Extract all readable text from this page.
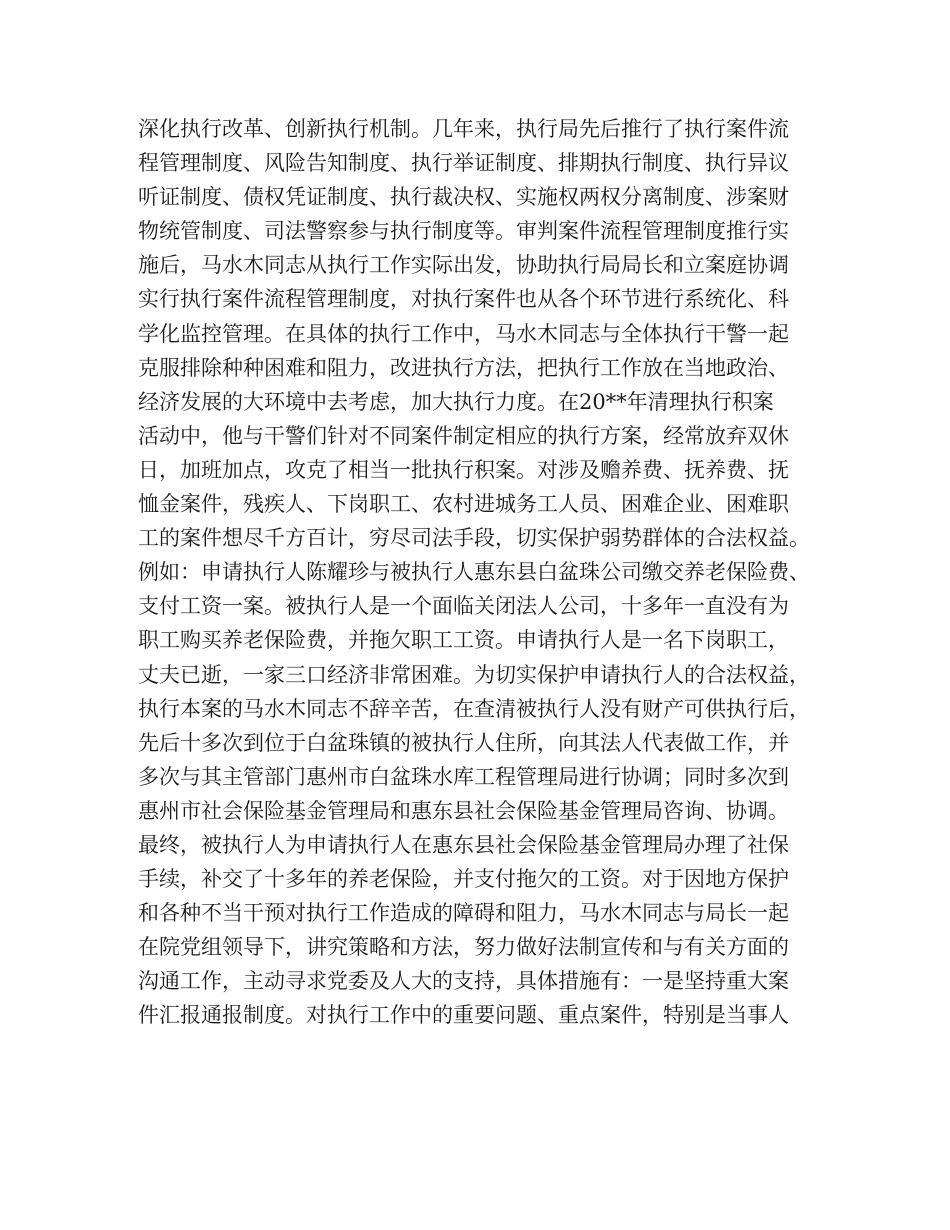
深化执行改革、创新执行机制。几年来，执行局先后推行了执行案件流
程管理制度、风险告知制度、执行举证制度、排期执行制度、执行异议
听证制度、债权凭证制度、执行裁决权、实施权两权分离制度、涉案财
物统管制度、司法警察参与执行制度等。审判案件流程管理制度推行实
施后，马水木同志从执行工作实际出发，协助执行局局长和立案庭协调
实行执行案件流程管理制度，对执行案件也从各个环节进行系统化、科
学化监控管理。在具体的执行工作中，马水木同志与全体执行干警一起
克服排除种种困难和阻力，改进执行方法，把执行工作放在当地政治、
经济发展的大环境中去考虑，加大执行力度。在20**年清理执行积案
活动中，他与干警们针对不同案件制定相应的执行方案，经常放弃双休
日，加班加点，攻克了相当一批执行积案。对涉及赡养费、抚养费、抚
恤金案件，残疾人、下岗职工、农村进城务工人员、困难企业、困难职
工的案件想尽千方百计，穷尽司法手段，切实保护弱势群体的合法权益。
例如：申请执行人陈耀珍与被执行人惠东县白盆珠公司缴交养老保险费、
支付工资一案。被执行人是一个面临关闭法人公司，十多年一直没有为
职工购买养老保险费，并拖欠职工工资。申请执行人是一名下岗职工，
丈夫已逝，一家三口经济非常困难。为切实保护申请执行人的合法权益，
执行本案的马水木同志不辞辛苦，在查清被执行人没有财产可供执行后，
先后十多次到位于白盆珠镇的被执行人住所，向其法人代表做工作，并
多次与其主管部门惠州市白盆珠水库工程管理局进行协调；同时多次到
惠州市社会保险基金管理局和惠东县社会保险基金管理局咨询、协调。
最终，被执行人为申请执行人在惠东县社会保险基金管理局办理了社保
手续，补交了十多年的养老保险，并支付拖欠的工资。对于因地方保护
和各种不当干预对执行工作造成的障碍和阻力，马水木同志与局长一起
在院党组领导下，讲究策略和方法，努力做好法制宣传和与有关方面的
沟通工作，主动寻求党委及人大的支持，具体措施有：一是坚持重大案
件汇报通报制度。对执行工作中的重要问题、重点案件，特别是当事人
